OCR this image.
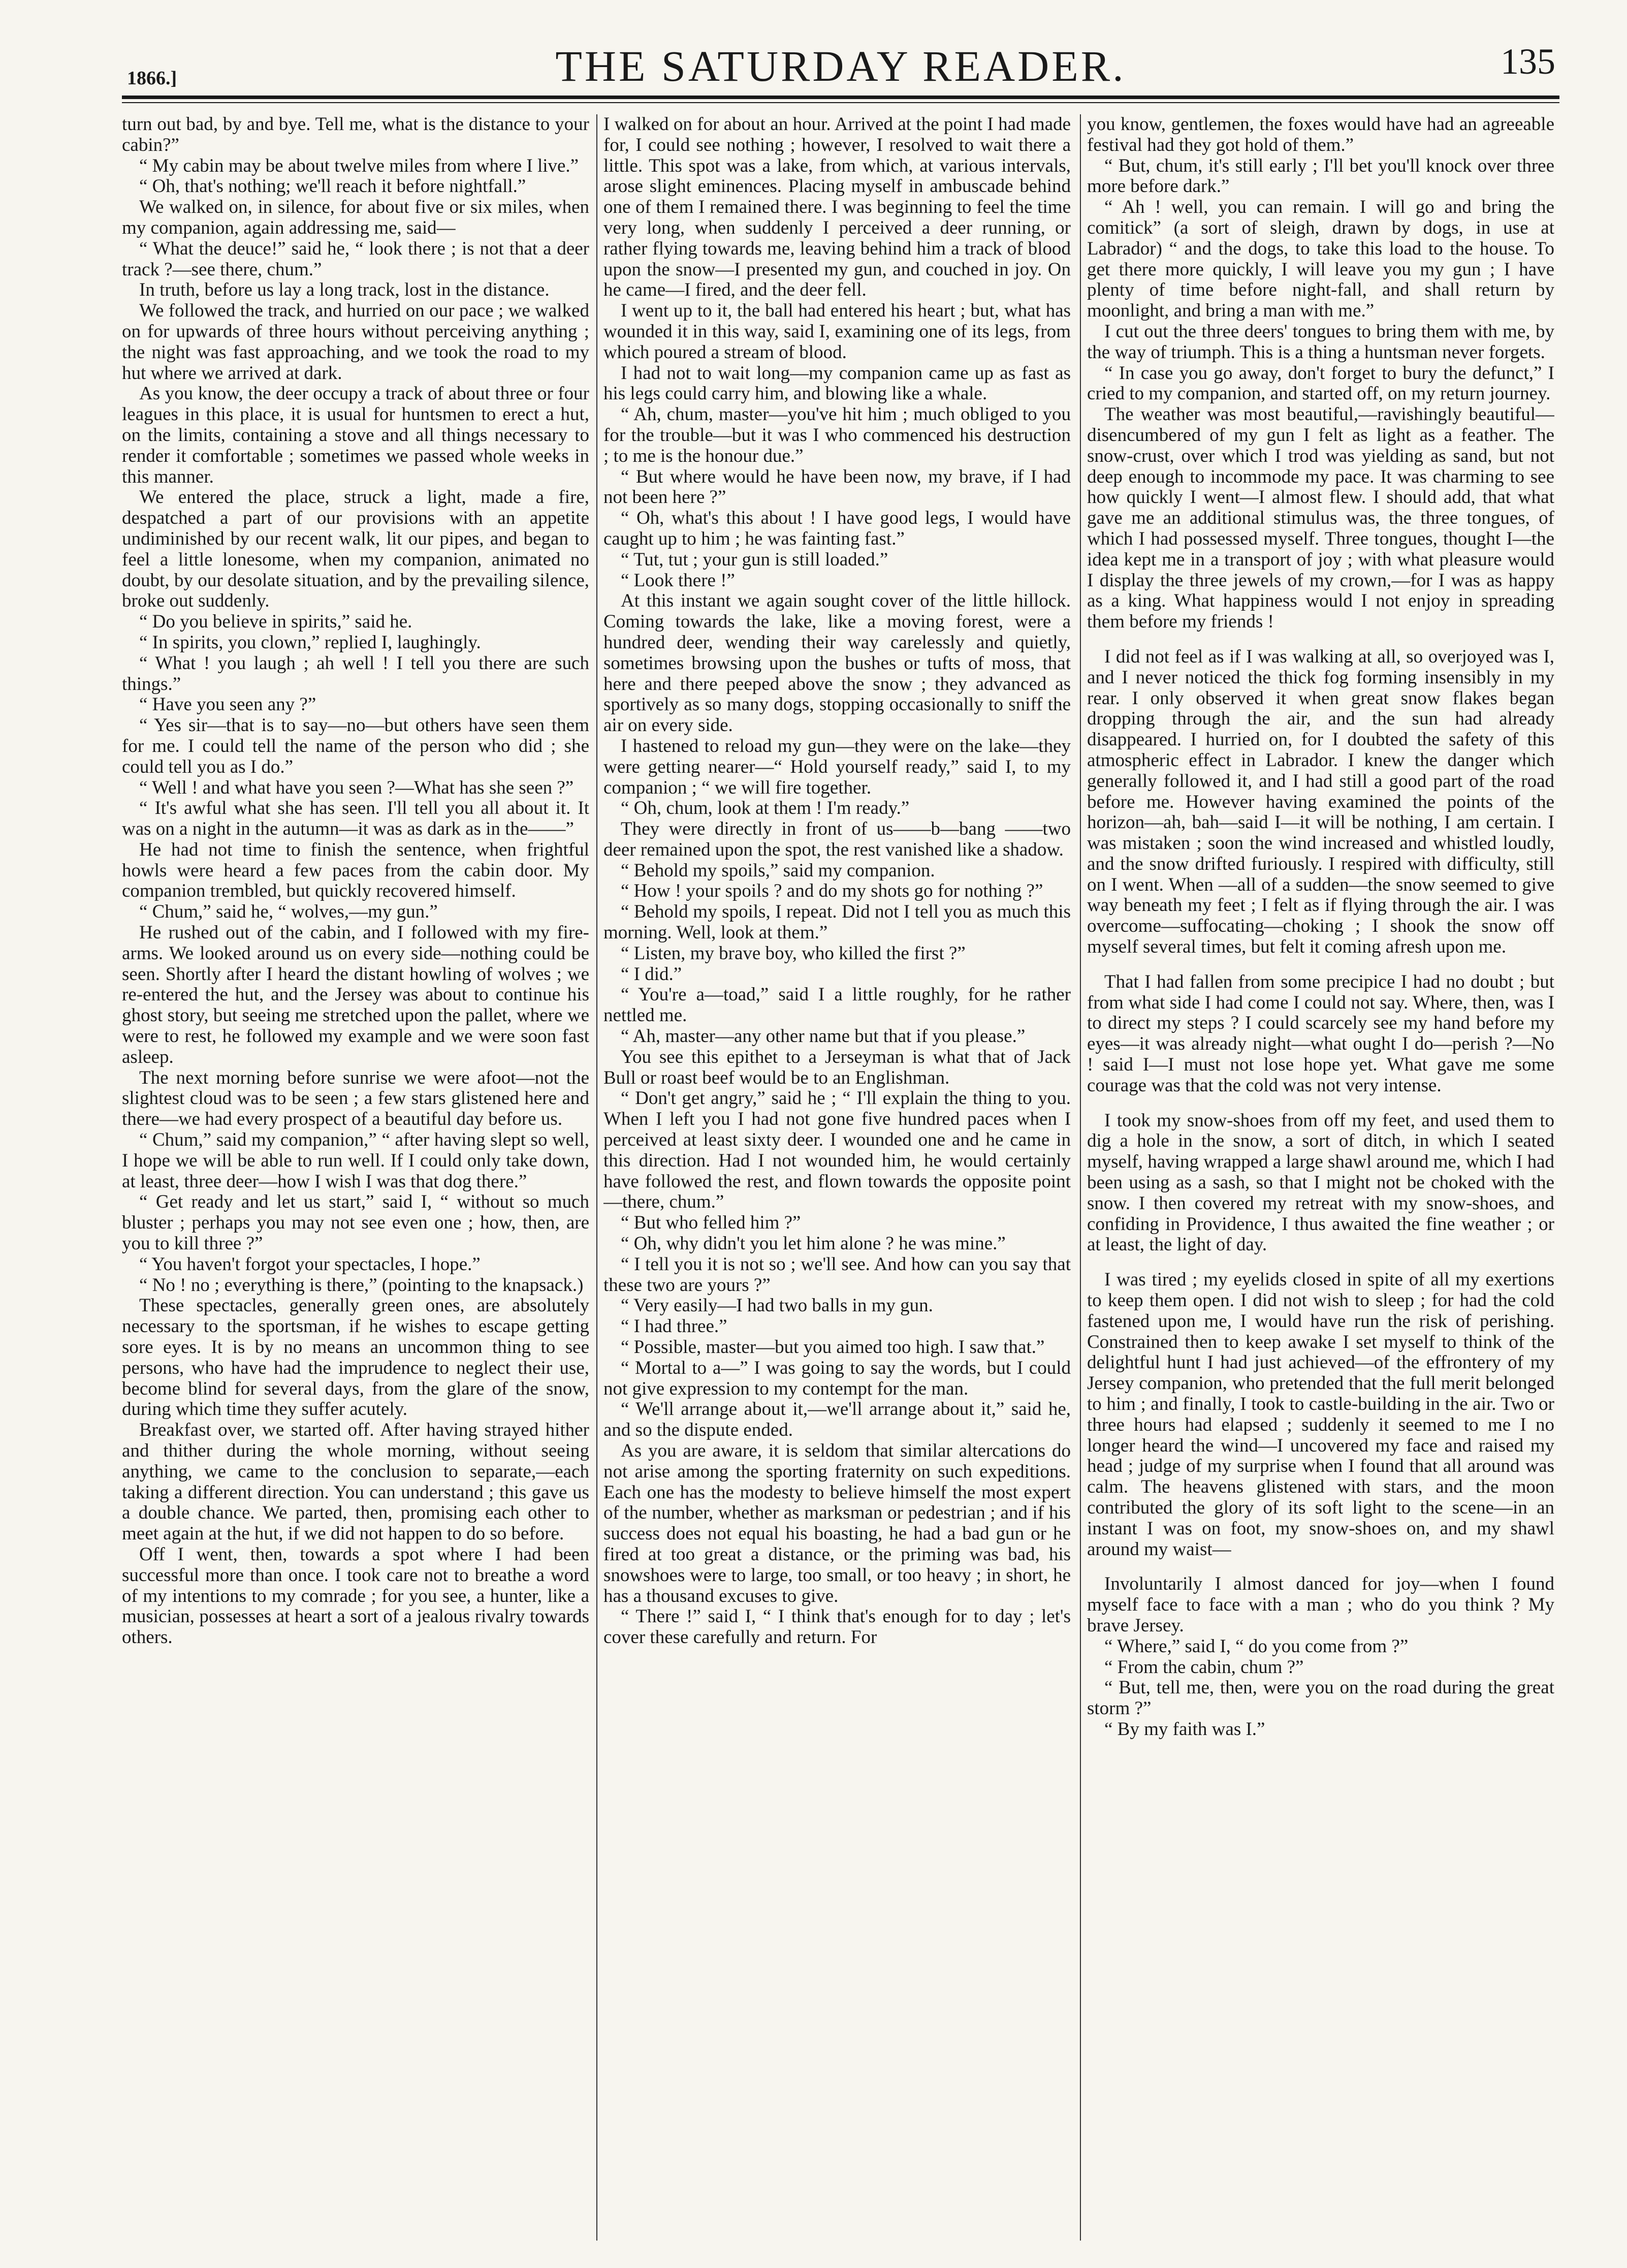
1866.]	THE SATURDAY READER.	135

turn out bad, by and bye. Tell me, what is the distance to your cabin?”

“ My cabin may be about twelve miles from where I live.”

“ Oh, that's nothing; we'll reach it before nightfall.”

We walked on, in silence, for about five or six miles, when my companion, again addressing me, said—

“ What the deuce!” said he, “ look there ; is not that a deer track ?—see there, chum.”

In truth, before us lay a long track, lost in the distance.

We followed the track, and hurried on our pace ; we walked on for upwards of three hours without perceiving anything ; the night was fast approaching, and we took the road to my hut where we arrived at dark.

As you know, the deer occupy a track of about three or four leagues in this place, it is usual for huntsmen to erect a hut, on the limits, containing a stove and all things necessary to render it comfortable ; sometimes we passed whole weeks in this manner.

We entered the place, struck a light, made a fire, despatched a part of our provisions with an appetite undiminished by our recent walk, lit our pipes, and began to feel a little lonesome, when my companion, animated no doubt, by our desolate situation, and by the prevailing silence, broke out suddenly.

“ Do you believe in spirits,” said he.

“ In spirits, you clown,” replied I, laughingly.

“ What ! you laugh ; ah well ! I tell you there are such things.”

“ Have you seen any ?”

“ Yes sir—that is to say—no—but others have seen them for me. I could tell the name of the person who did ; she could tell you as I do.”

“ Well ! and what have you seen ?—What has she seen ?”

“ It's awful what she has seen. I'll tell you all about it. It was on a night in the autumn—it was as dark as in the——”

He had not time to finish the sentence, when frightful howls were heard a few paces from the cabin door. My companion trembled, but quickly recovered himself.

“ Chum,” said he, “ wolves,—my gun.”

He rushed out of the cabin, and I followed with my fire-arms. We looked around us on every side—nothing could be seen. Shortly after I heard the distant howling of wolves ; we re-entered the hut, and the Jersey was about to continue his ghost story, but seeing me stretched upon the pallet, where we were to rest, he followed my example and we were soon fast asleep.

The next morning before sunrise we were afoot—not the slightest cloud was to be seen ; a few stars glistened here and there—we had every prospect of a beautiful day before us.

“ Chum,” said my companion,” “ after having slept so well, I hope we will be able to run well. If I could only take down, at least, three deer—how I wish I was that dog there.”

“ Get ready and let us start,” said I, “ without so much bluster ; perhaps you may not see even one ; how, then, are you to kill three ?”

“ You haven't forgot your spectacles, I hope.”

“ No ! no ; everything is there,” (pointing to the knapsack.)

These spectacles, generally green ones, are absolutely necessary to the sportsman, if he wishes to escape getting sore eyes. It is by no means an uncommon thing to see persons, who have had the imprudence to neglect their use, become blind for several days, from the glare of the snow, during which time they suffer acutely.

Breakfast over, we started off. After having strayed hither and thither during the whole morning, without seeing anything, we came to the conclusion to separate,—each taking a different direction. You can understand ; this gave us a double chance. We parted, then, promising each other to meet again at the hut, if we did not happen to do so before.

Off I went, then, towards a spot where I had been successful more than once. I took care not to breathe a word of my intentions to my comrade ; for you see, a hunter, like a musician, possesses at heart a sort of a jealous rivalry towards others.

I walked on for about an hour. Arrived at the point I had made for, I could see nothing ; however, I resolved to wait there a little. This spot was a lake, from which, at various intervals, arose slight eminences. Placing myself in ambuscade behind one of them I remained there. I was beginning to feel the time very long, when suddenly I perceived a deer running, or rather flying towards me, leaving behind him a track of blood upon the snow—I presented my gun, and couched in joy. On he came—I fired, and the deer fell.

I went up to it, the ball had entered his heart ; but, what has wounded it in this way, said I, examining one of its legs, from which poured a stream of blood.

I had not to wait long—my companion came up as fast as his legs could carry him, and blowing like a whale.

“ Ah, chum, master—you've hit him ; much obliged to you for the trouble—but it was I who commenced his destruction ; to me is the honour due.”

“ But where would he have been now, my brave, if I had not been here ?”

“ Oh, what's this about ! I have good legs, I would have caught up to him ; he was fainting fast.”

“ Tut, tut ; your gun is still loaded.”

“ Look there !”

At this instant we again sought cover of the little hillock. Coming towards the lake, like a moving forest, were a hundred deer, wending their way carelessly and quietly, sometimes browsing upon the bushes or tufts of moss, that here and there peeped above the snow ; they advanced as sportively as so many dogs, stopping occasionally to sniff the air on every side.

I hastened to reload my gun—they were on the lake—they were getting nearer—“ Hold yourself ready,” said I, to my companion ; “ we will fire together.

“ Oh, chum, look at them ! I'm ready.”

They were directly in front of us——b—bang ——two deer remained upon the spot, the rest vanished like a shadow.

“ Behold my spoils,” said my companion.

“ How ! your spoils ? and do my shots go for nothing ?”

“ Behold my spoils, I repeat. Did not I tell you as much this morning. Well, look at them.”

“ Listen, my brave boy, who killed the first ?”

“ I did.”

“ You're a—toad,” said I a little roughly, for he rather nettled me.

“ Ah, master—any other name but that if you please.”

You see this epithet to a Jerseyman is what that of Jack Bull or roast beef would be to an Englishman.

“ Don't get angry,” said he ; “ I'll explain the thing to you. When I left you I had not gone five hundred paces when I perceived at least sixty deer. I wounded one and he came in this direction. Had I not wounded him, he would certainly have followed the rest, and flown towards the opposite point—there, chum.”

“ But who felled him ?”

“ Oh, why didn't you let him alone ? he was mine.”

“ I tell you it is not so ; we'll see. And how can you say that these two are yours ?”

“ Very easily—I had two balls in my gun.

“ I had three.”

“ Possible, master—but you aimed too high. I saw that.”

“ Mortal to a—” I was going to say the words, but I could not give expression to my contempt for the man.

“ We'll arrange about it,—we'll arrange about it,” said he, and so the dispute ended.

As you are aware, it is seldom that similar altercations do not arise among the sporting fraternity on such expeditions. Each one has the modesty to believe himself the most expert of the number, whether as marksman or pedestrian ; and if his success does not equal his boasting, he had a bad gun or he fired at too great a distance, or the priming was bad, his snowshoes were to large, too small, or too heavy ; in short, he has a thousand excuses to give.

“ There !” said I, “ I think that's enough for to day ; let's cover these carefully and return. For

you know, gentlemen, the foxes would have had an agreeable festival had they got hold of them.”

“ But, chum, it's still early ; I'll bet you'll knock over three more before dark.”

“ Ah ! well, you can remain. I will go and bring the comitick” (a sort of sleigh, drawn by dogs, in use at Labrador) “ and the dogs, to take this load to the house. To get there more quickly, I will leave you my gun ; I have plenty of time before night-fall, and shall return by moonlight, and bring a man with me.”

I cut out the three deers' tongues to bring them with me, by the way of triumph. This is a thing a huntsman never forgets.

“ In case you go away, don't forget to bury the defunct,” I cried to my companion, and started off, on my return journey.

The weather was most beautiful,—ravishingly beautiful—disencumbered of my gun I felt as light as a feather. The snow-crust, over which I trod was yielding as sand, but not deep enough to incommode my pace. It was charming to see how quickly I went—I almost flew. I should add, that what gave me an additional stimulus was, the three tongues, of which I had possessed myself. Three tongues, thought I—the idea kept me in a transport of joy ; with what pleasure would I display the three jewels of my crown,—for I was as happy as a king. What happiness would I not enjoy in spreading them before my friends !

I did not feel as if I was walking at all, so overjoyed was I, and I never noticed the thick fog forming insensibly in my rear. I only observed it when great snow flakes began dropping through the air, and the sun had already disappeared. I hurried on, for I doubted the safety of this atmospheric effect in Labrador. I knew the danger which generally followed it, and I had still a good part of the road before me. However having examined the points of the horizon—ah, bah—said I—it will be nothing, I am certain. I was mistaken ; soon the wind increased and whistled loudly, and the snow drifted furiously. I respired with difficulty, still on I went. When —all of a sudden—the snow seemed to give way beneath my feet ; I felt as if flying through the air. I was overcome—suffocating—choking ; I shook the snow off myself several times, but felt it coming afresh upon me.

That I had fallen from some precipice I had no doubt ; but from what side I had come I could not say. Where, then, was I to direct my steps ? I could scarcely see my hand before my eyes—it was already night—what ought I do—perish ?—No ! said I—I must not lose hope yet. What gave me some courage was that the cold was not very intense.

I took my snow-shoes from off my feet, and used them to dig a hole in the snow, a sort of ditch, in which I seated myself, having wrapped a large shawl around me, which I had been using as a sash, so that I might not be choked with the snow. I then covered my retreat with my snow-shoes, and confiding in Providence, I thus awaited the fine weather ; or at least, the light of day.

I was tired ; my eyelids closed in spite of all my exertions to keep them open. I did not wish to sleep ; for had the cold fastened upon me, I would have run the risk of perishing. Constrained then to keep awake I set myself to think of the delightful hunt I had just achieved—of the effrontery of my Jersey companion, who pretended that the full merit belonged to him ; and finally, I took to castle-building in the air. Two or three hours had elapsed ; suddenly it seemed to me I no longer heard the wind—I uncovered my face and raised my head ; judge of my surprise when I found that all around was calm. The heavens glistened with stars, and the moon contributed the glory of its soft light to the scene—in an instant I was on foot, my snow-shoes on, and my shawl around my waist—

Involuntarily I almost danced for joy—when I found myself face to face with a man ; who do you think ? My brave Jersey.

“ Where,” said I, “ do you come from ?”

“ From the cabin, chum ?”

“ But, tell me, then, were you on the road during the great storm ?”

“ By my faith was I.”
